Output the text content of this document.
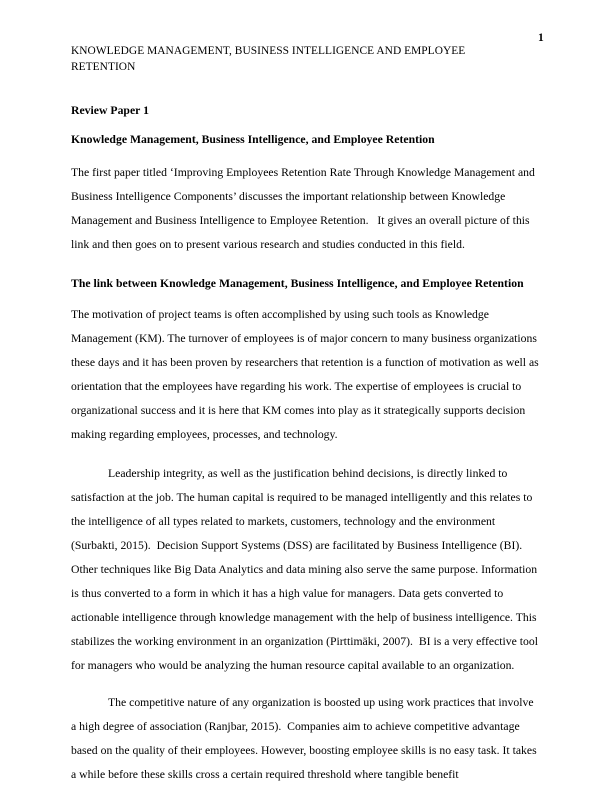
1
KNOWLEDGE MANAGEMENT, BUSINESS INTELLIGENCE AND EMPLOYEE RETENTION
Review Paper 1
Knowledge Management, Business Intelligence, and Employee Retention

The first paper titled ‘Improving Employees Retention Rate Through Knowledge Management and Business Intelligence Components’ discusses the important relationship between Knowledge Management and Business Intelligence to Employee Retention.   It gives an overall picture of this link and then goes on to present various research and studies conducted in this field.

The link between Knowledge Management, Business Intelligence, and Employee Retention

The motivation of project teams is often accomplished by using such tools as Knowledge Management (KM). The turnover of employees is of major concern to many business organizations these days and it has been proven by researchers that retention is a function of motivation as well as orientation that the employees have regarding his work. The expertise of employees is crucial to organizational success and it is here that KM comes into play as it strategically supports decision making regarding employees, processes, and technology.

Leadership integrity, as well as the justification behind decisions, is directly linked to satisfaction at the job. The human capital is required to be managed intelligently and this relates to the intelligence of all types related to markets, customers, technology and the environment (Surbakti, 2015).  Decision Support Systems (DSS) are facilitated by Business Intelligence (BI). Other techniques like Big Data Analytics and data mining also serve the same purpose. Information is thus converted to a form in which it has a high value for managers. Data gets converted to actionable intelligence through knowledge management with the help of business intelligence. This stabilizes the working environment in an organization (Pirttimäki, 2007).  BI is a very effective tool for managers who would be analyzing the human resource capital available to an organization.

The competitive nature of any organization is boosted up using work practices that involve a high degree of association (Ranjbar, 2015).  Companies aim to achieve competitive advantage based on the quality of their employees. However, boosting employee skills is no easy task. It takes a while before these skills cross a certain required threshold where tangible benefit
